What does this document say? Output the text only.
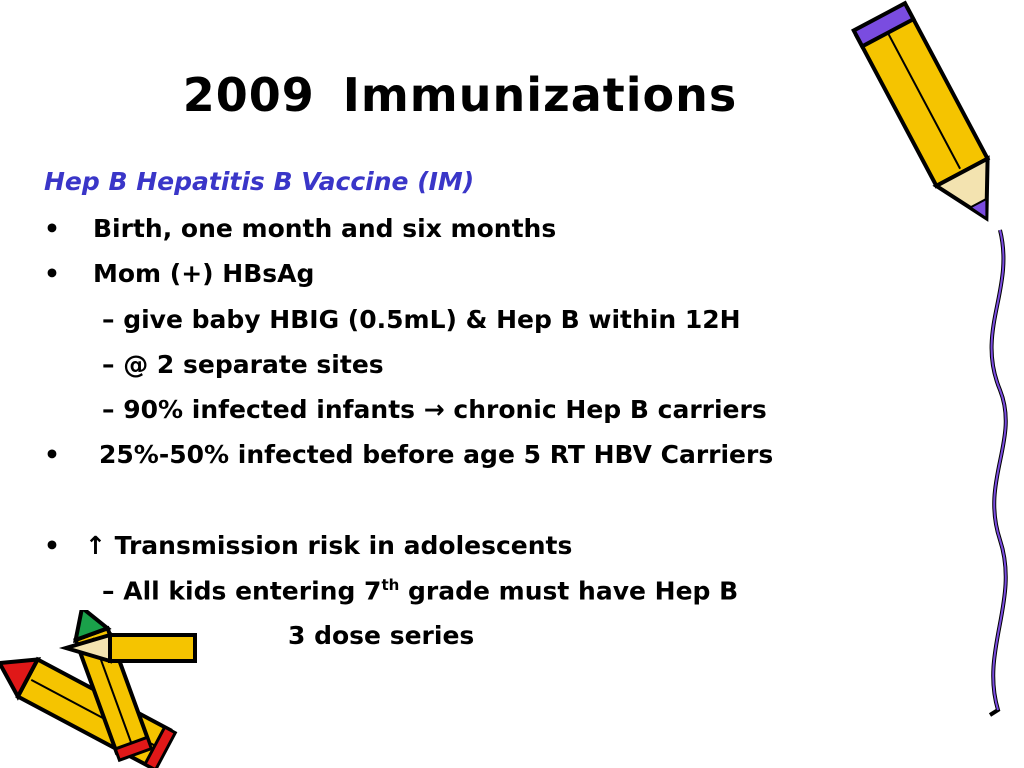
2009 Immunizations
Hep B Hepatitis B Vaccine (IM)
• Birth, one month and six months
• Mom (+) HBsAg
– give baby HBIG (0.5mL) & Hep B within 12H
– @ 2 separate sites
– 90% infected infants → chronic Hep B carriers
• 25%-50% infected before age 5 RT HBV Carriers
• ↑ Transmission risk in adolescents
– All kids entering 7th grade must have Hep B
3 dose series
